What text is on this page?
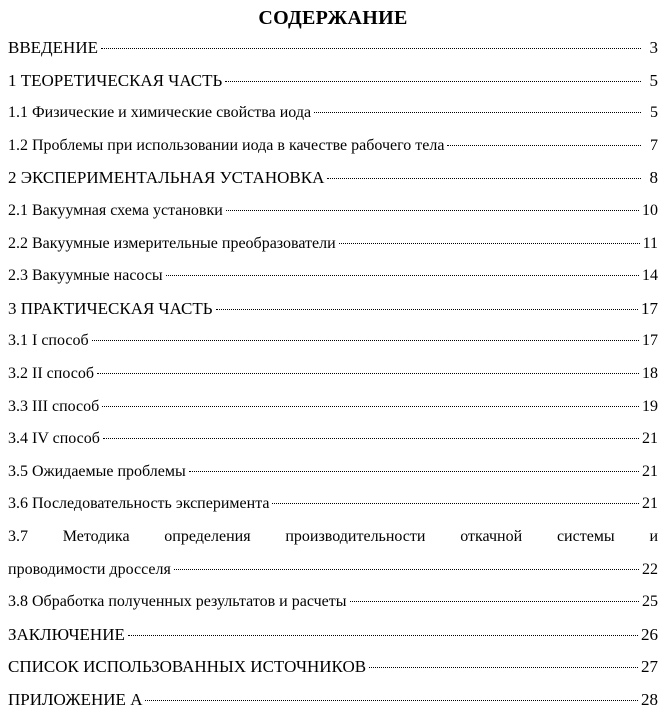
СОДЕРЖАНИЕ
ВВЕДЕНИЕ	3
1 ТЕОРЕТИЧЕСКАЯ ЧАСТЬ	5
1.1 Физические и химические свойства иода	5
1.2 Проблемы при использовании иода в качестве рабочего тела	7
2 ЭКСПЕРИМЕНТАЛЬНАЯ УСТАНОВКА	8
2.1 Вакуумная схема установки	10
2.2 Вакуумные измерительные преобразователи	11
2.3 Вакуумные насосы	14
3 ПРАКТИЧЕСКАЯ ЧАСТЬ	17
3.1 I способ	17
3.2 II способ	18
3.3 III способ	19
3.4 IV способ	21
3.5 Ожидаемые проблемы	21
3.6 Последовательность эксперимента	21
3.7 Методика определения производительности откачной системы и
проводимости дросселя	22
3.8 Обработка полученных результатов и расчеты	25
ЗАКЛЮЧЕНИЕ	26
СПИСОК ИСПОЛЬЗОВАННЫХ ИСТОЧНИКОВ	27
ПРИЛОЖЕНИЕ А	28
